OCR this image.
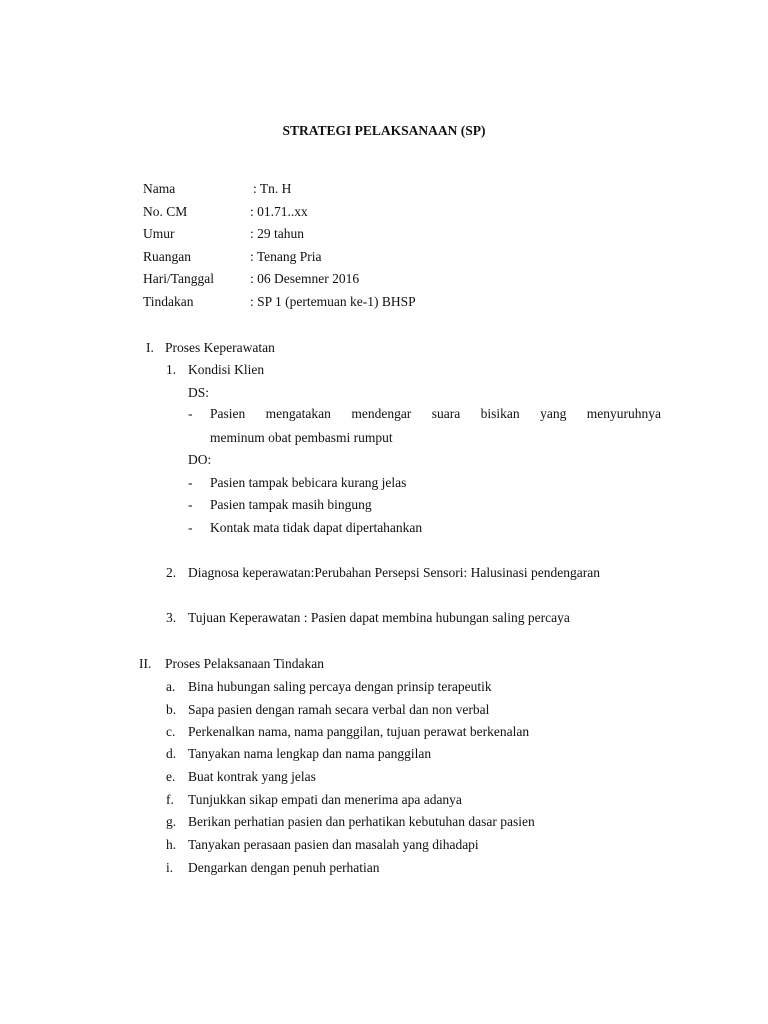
STRATEGI PELAKSANAAN (SP)
Nama	: Tn. H
No. CM	: 01.71..xx
Umur	: 29 tahun
Ruangan	: Tenang Pria
Hari/Tanggal	: 06 Desemner 2016
Tindakan	: SP 1 (pertemuan ke-1) BHSP
I. Proses Keperawatan
1. Kondisi Klien
DS:
- Pasien mengatakan mendengar suara bisikan yang menyuruhnya
meminum obat pembasmi rumput
DO:
- Pasien tampak bebicara kurang jelas
- Pasien tampak masih bingung
- Kontak mata tidak dapat dipertahankan
2. Diagnosa keperawatan:Perubahan Persepsi Sensori: Halusinasi pendengaran
3. Tujuan Keperawatan : Pasien dapat membina hubungan saling percaya
II. Proses Pelaksanaan Tindakan
a. Bina hubungan saling percaya dengan prinsip terapeutik
b. Sapa pasien dengan ramah secara verbal dan non verbal
c. Perkenalkan nama, nama panggilan, tujuan perawat berkenalan
d. Tanyakan nama lengkap dan nama panggilan
e. Buat kontrak yang jelas
f. Tunjukkan sikap empati dan menerima apa adanya
g. Berikan perhatian pasien dan perhatikan kebutuhan dasar pasien
h. Tanyakan perasaan pasien dan masalah yang dihadapi
i. Dengarkan dengan penuh perhatian
